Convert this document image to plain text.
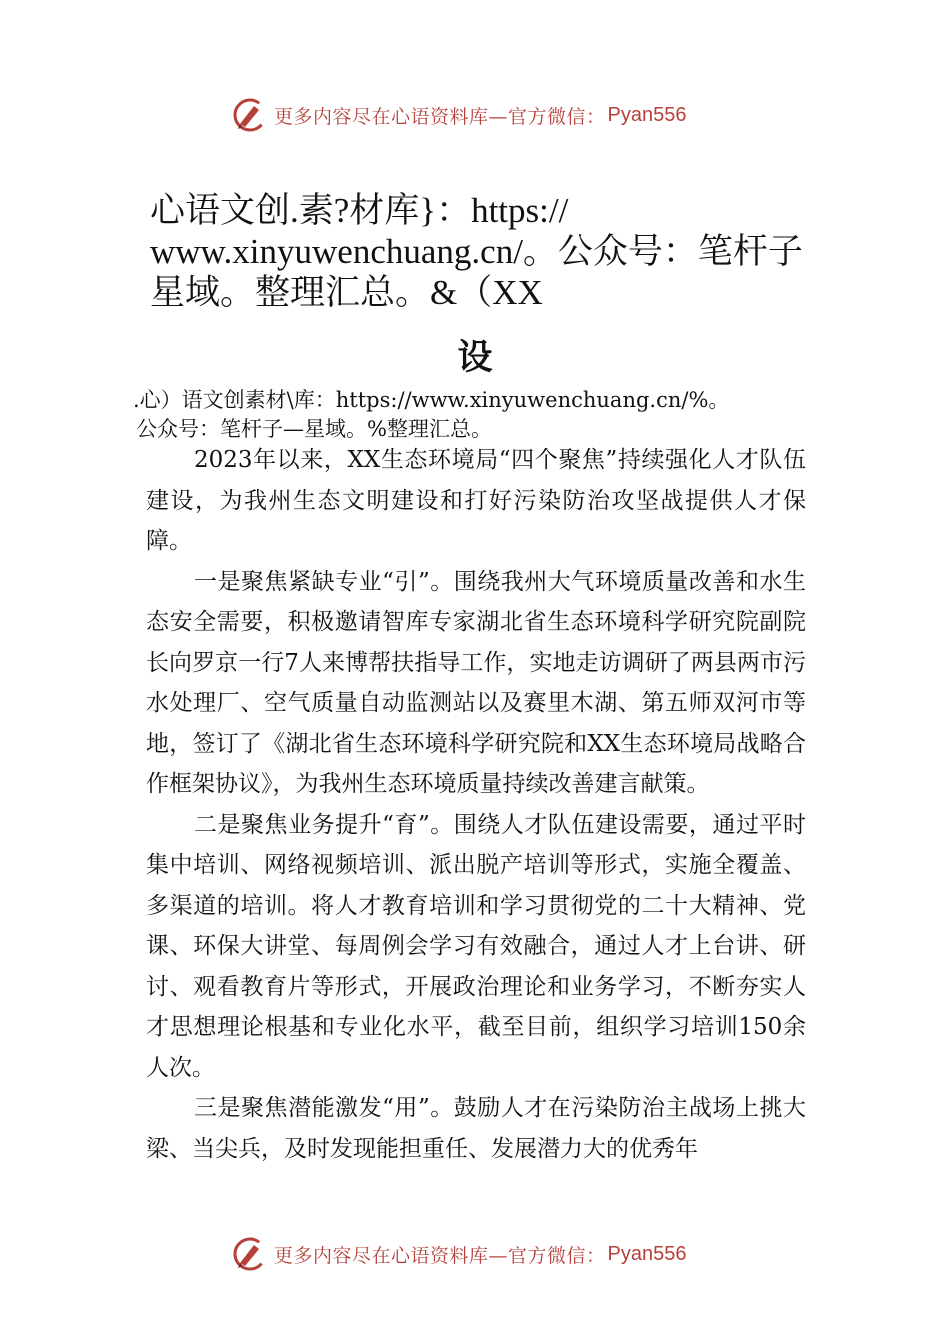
更多内容尽在心语资料库—官方微信： Pyan556
心语文创.素?材库}：https://
www.xinyuwenchuang.cn/。公众号：笔杆子
星域。整理汇总。&（XX
设
.心）语文创素材\库：https://www.xinyuwenchuang.cn/%。
公众号：笔杆子—星域。%整理汇总。

2023年以来，XX生态环境局“四个聚焦”持续强化人才队伍建设，为我州生态文明建设和打好污染防治攻坚战提供人才保障。

一是聚焦紧缺专业“引”。围绕我州大气环境质量改善和水生态安全需要，积极邀请智库专家湖北省生态环境科学研究院副院长向罗京一行7人来博帮扶指导工作，实地走访调研了两县两市污水处理厂、空气质量自动监测站以及赛里木湖、第五师双河市等地，签订了《湖北省生态环境科学研究院和XX生态环境局战略合作框架协议》，为我州生态环境质量持续改善建言献策。

二是聚焦业务提升“育”。围绕人才队伍建设需要，通过平时集中培训、网络视频培训、派出脱产培训等形式，实施全覆盖、多渠道的培训。将人才教育培训和学习贯彻党的二十大精神、党课、环保大讲堂、每周例会学习有效融合，通过人才上台讲、研讨、观看教育片等形式，开展政治理论和业务学习，不断夯实人才思想理论根基和专业化水平，截至目前，组织学习培训150余人次。

三是聚焦潜能激发“用”。鼓励人才在污染防治主战场上挑大梁、当尖兵，及时发现能担重任、发展潜力大的优秀年

更多内容尽在心语资料库—官方微信： Pyan556
